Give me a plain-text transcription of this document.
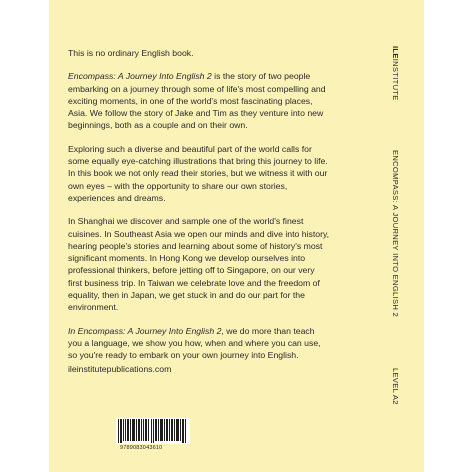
This is no ordinary English book.

Encompass: A Journey Into English 2 is the story of two people embarking on a journey through some of life's most compelling and exciting moments, in one of the world's most fascinating places, Asia. We follow the story of Jake and Tim as they venture into new beginnings, both as a couple and on their own.

Exploring such a diverse and beautiful part of the world calls for some equally eye-catching illustrations that bring this journey to life. In this book we not only read their stories, but we witness it with our own eyes – with the opportunity to share our own stories, experiences and dreams.

In Shanghai we discover and sample one of the world's finest cuisines. In Southeast Asia we open our minds and dive into history, hearing people's stories and learning about some of history's most significant moments. In Hong Kong we develop ourselves into professional thinkers, before jetting off to Singapore, on our very first business trip. In Taiwan we celebrate love and the freedom of equality, then in Japan, we get stuck in and do our part for the environment.

In Encompass: A Journey Into English 2, we do more than teach you a language, we show you how, when and where you can use, so you're ready to embark on your own journey into English.

ileinstitutepublications.com
ILEINSTITUTE
ENCOMPASS: A JOURNEY INTO ENGLISH 2
LEVEL A2
9789083043610
